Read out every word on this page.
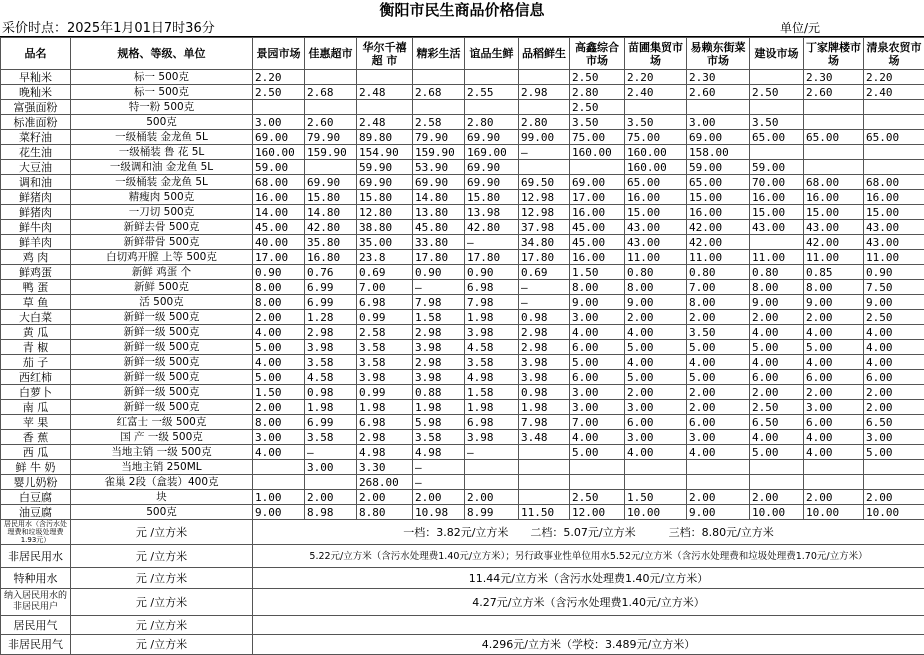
衡阳市民生商品价格信息
采价时点：2025年1月01日7时36分	单位/元
品名	规格、等级、单位	景园市场	佳惠超市	华尔千禧超 市	精彩生活	谊品生鲜	品稻鲜生	高鑫综合市场	苗圃集贸市场	易赖东街菜市场	建设市场	丁家牌楼市场	清泉农贸市场
早籼米	标一 500克	2.20						2.50	2.20	2.30		2.30	2.20
晚籼米	标一 500克	2.50	2.68	2.48	2.68	2.55	2.98	2.80	2.40	2.60	2.50	2.60	2.40
富强面粉	特一粉 500克							2.50					
标准面粉	500克	3.00	2.60	2.48	2.58	2.80	2.80	3.50	3.50	3.00	3.50		
菜籽油	一级桶装 金龙鱼 5L	69.00	79.90	89.80	79.90	69.90	99.00	75.00	75.00	69.00	65.00	65.00	65.00
花生油	一级桶装 鲁 花 5L	160.00	159.90	154.90	159.90	169.00	—	160.00	160.00	158.00			
大豆油	一级调和油 金龙鱼 5L	59.00		59.90	53.90	69.90			160.00	59.00	59.00		
调和油	一级桶装 金龙鱼 5L	68.00	69.90	69.90	69.90	69.90	69.50	69.00	65.00	65.00	70.00	68.00	68.00
鲜猪肉	精瘦肉 500克	16.00	15.80	15.80	14.80	15.80	12.98	17.00	16.00	15.00	16.00	16.00	16.00
鲜猪肉	一刀切 500克	14.00	14.80	12.80	13.80	13.98	12.98	16.00	15.00	16.00	15.00	15.00	15.00
鲜牛肉	新鲜去骨 500克	45.00	42.80	38.80	45.80	42.80	37.98	45.00	43.00	42.00	43.00	43.00	43.00
鲜羊肉	新鲜带骨 500克	40.00	35.80	35.00	33.80	—	34.80	45.00	43.00	42.00		42.00	43.00
鸡 肉	白切鸡开膛 上等 500克	17.00	16.80	23.8	17.80	17.80	17.80	16.00	11.00	11.00	11.00	11.00	11.00
鲜鸡蛋	新鲜 鸡蛋 个	0.90	0.76	0.69	0.90	0.90	0.69	1.50	0.80	0.80	0.80	0.85	0.90
鸭 蛋	新鲜 500克	8.00	6.99	7.00	—	6.98	—	8.00	8.00	7.00	8.00	8.00	7.50
草 鱼	活 500克	8.00	6.99	6.98	7.98	7.98	—	9.00	9.00	8.00	9.00	9.00	9.00
大白菜	新鲜一级 500克	2.00	1.28	0.99	1.58	1.98	0.98	3.00	2.00	2.00	2.00	2.00	2.50
黄 瓜	新鲜一级 500克	4.00	2.98	2.58	2.98	3.98	2.98	4.00	4.00	3.50	4.00	4.00	4.00
青 椒	新鲜一级 500克	5.00	3.98	3.58	3.98	4.58	2.98	6.00	5.00	5.00	5.00	5.00	4.00
茄 子	新鲜一级 500克	4.00	3.58	3.58	2.98	3.58	3.98	5.00	4.00	4.00	4.00	4.00	4.00
西红柿	新鲜一级 500克	5.00	4.58	3.98	3.98	4.98	3.98	6.00	5.00	5.00	6.00	6.00	6.00
白萝卜	新鲜一级 500克	1.50	0.98	0.99	0.88	1.58	0.98	3.00	2.00	2.00	2.00	2.00	2.00
南 瓜	新鲜一级 500克	2.00	1.98	1.98	1.98	1.98	1.98	3.00	3.00	2.00	2.50	3.00	2.00
苹 果	红富士 一级 500克	8.00	6.99	6.98	5.98	6.98	7.98	7.00	6.00	6.00	6.50	6.00	6.50
香 蕉	国 产 一级 500克	3.00	3.58	2.98	3.58	3.98	3.48	4.00	3.00	3.00	4.00	4.00	3.00
西 瓜	当地主销 一级 500克	4.00	—	4.98	4.98	—		5.00	4.00	4.00	5.00	4.00	5.00
鲜 牛 奶	当地主销 250ML		3.00	3.30	—								
婴儿奶粉	雀巢 2段（盒装）400克			268.00	—								
白豆腐	块	1.00	2.00	2.00	2.00	2.00		2.50	1.50	2.00	2.00	2.00	2.00
油豆腐	500克	9.00	8.98	8.80	10.98	8.99	11.50	12.00	10.00	9.00	10.00	10.00	10.00
居民用水（含污水处理费和垃圾处理费1.93元）	元 /立方米	一档：3.82元/立方米　　二档：5.07元/立方米　　　三档：8.80元/立方米											
非居民用水	元 /立方米	5.22元/立方米（含污水处理费1.40元/立方米）；另行政事业性单位用水5.52元/立方米（含污水处理费和垃圾处理费1.70元/立方米）											
特种用水	元 /立方米	11.44元/立方米（含污水处理费1.40元/立方米）											
纳入居民用水的非居民用户	元 /立方米	4.27元/立方米（含污水处理费1.40元/立方米）											
居民用气	元 /立方米												
非居民用气	元 /立方米	4.296元/立方米（学校：3.489元/立方米）											
